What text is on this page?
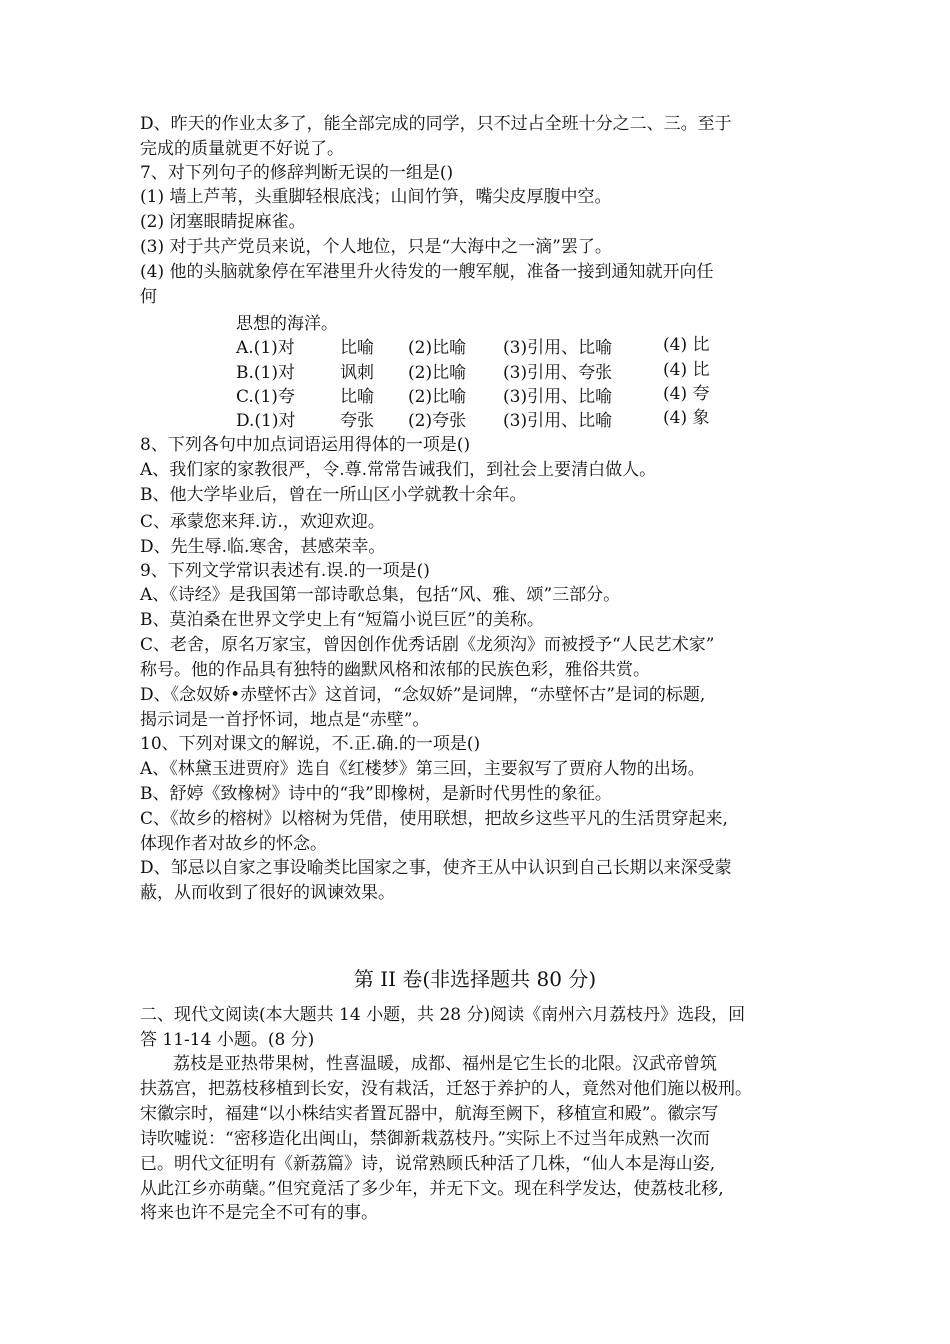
D、昨天的作业太多了，能全部完成的同学，只不过占全班十分之二、三。至于
完成的质量就更不好说了。
7、对下列句子的修辞判断无误的一组是()
(1) 墙上芦苇，头重脚轻根底浅；山间竹笋，嘴尖皮厚腹中空。
(2) 闭塞眼睛捉麻雀。
(3) 对于共产党员来说，个人地位，只是“大海中之一滴”罢了。
(4) 他的头脑就象停在军港里升火待发的一艘军舰，准备一接到通知就开向任
何
思想的海洋。
A.(1)对	比喻 (2)比喻 (3)引用、比喻	(4) 比
B.(1)对	讽刺 (2)比喻 (3)引用、夸张	(4) 比
C.(1)夸	比喻 (2)比喻 (3)引用、比喻	(4) 夸
D.(1)对	夸张 (2)夸张 (3)引用、比喻	(4) 象
8、下列各句中加点词语运用得体的一项是()
A、我们家的家教很严，令.尊.常常告诫我们，到社会上要清白做人。
B、他大学毕业后，曾在一所山区小学就教十余年。
C、承蒙您来拜.访.，欢迎欢迎。
D、先生辱.临.寒舍，甚感荣幸。
9、下列文学常识表述有.误.的一项是()
A、《诗经》是我国第一部诗歌总集，包括“风、雅、颂”三部分。
B、莫泊桑在世界文学史上有“短篇小说巨匠”的美称。
C、老舍，原名万家宝，曾因创作优秀话剧《龙须沟》而被授予“人民艺术家”
称号。他的作品具有独特的幽默风格和浓郁的民族色彩，雅俗共赏。
D、《念奴娇•赤壁怀古》这首词，“念奴娇”是词牌，“赤壁怀古”是词的标题,
揭示词是一首抒怀词，地点是“赤壁”。
10、下列对课文的解说，不.正.确.的一项是()
A、《林黛玉进贾府》选自《红楼梦》第三回，主要叙写了贾府人物的出场。
B、舒婷《致橡树》诗中的“我”即橡树，是新时代男性的象征。
C、《故乡的榕树》以榕树为凭借，使用联想，把故乡这些平凡的生活贯穿起来,
体现作者对故乡的怀念。
D、邹忌以自家之事设喻类比国家之事，使齐王从中认识到自己长期以来深受蒙
蔽，从而收到了很好的讽谏效果。
第 II 卷(非选择题共 80 分)
二、现代文阅读(本大题共 14 小题，共 28 分)阅读《南州六月荔枝丹》选段，回
答 11-14 小题。(8 分)
荔枝是亚热带果树，性喜温暖，成都、福州是它生长的北限。汉武帝曾筑
扶荔宫，把荔枝移植到长安，没有栽活，迁怒于养护的人，竟然对他们施以极刑。
宋徽宗时，福建“以小株结实者置瓦器中，航海至阙下，移植宣和殿”。徽宗写
诗吹嘘说：“密移造化出闽山，禁御新栽荔枝丹。”实际上不过当年成熟一次而
已。明代文征明有《新荔篇》诗，说常熟顾氏种活了几株，“仙人本是海山姿,
从此江乡亦萌蘖。”但究竟活了多少年，并无下文。现在科学发达，使荔枝北移,
将来也许不是完全不可有的事。
